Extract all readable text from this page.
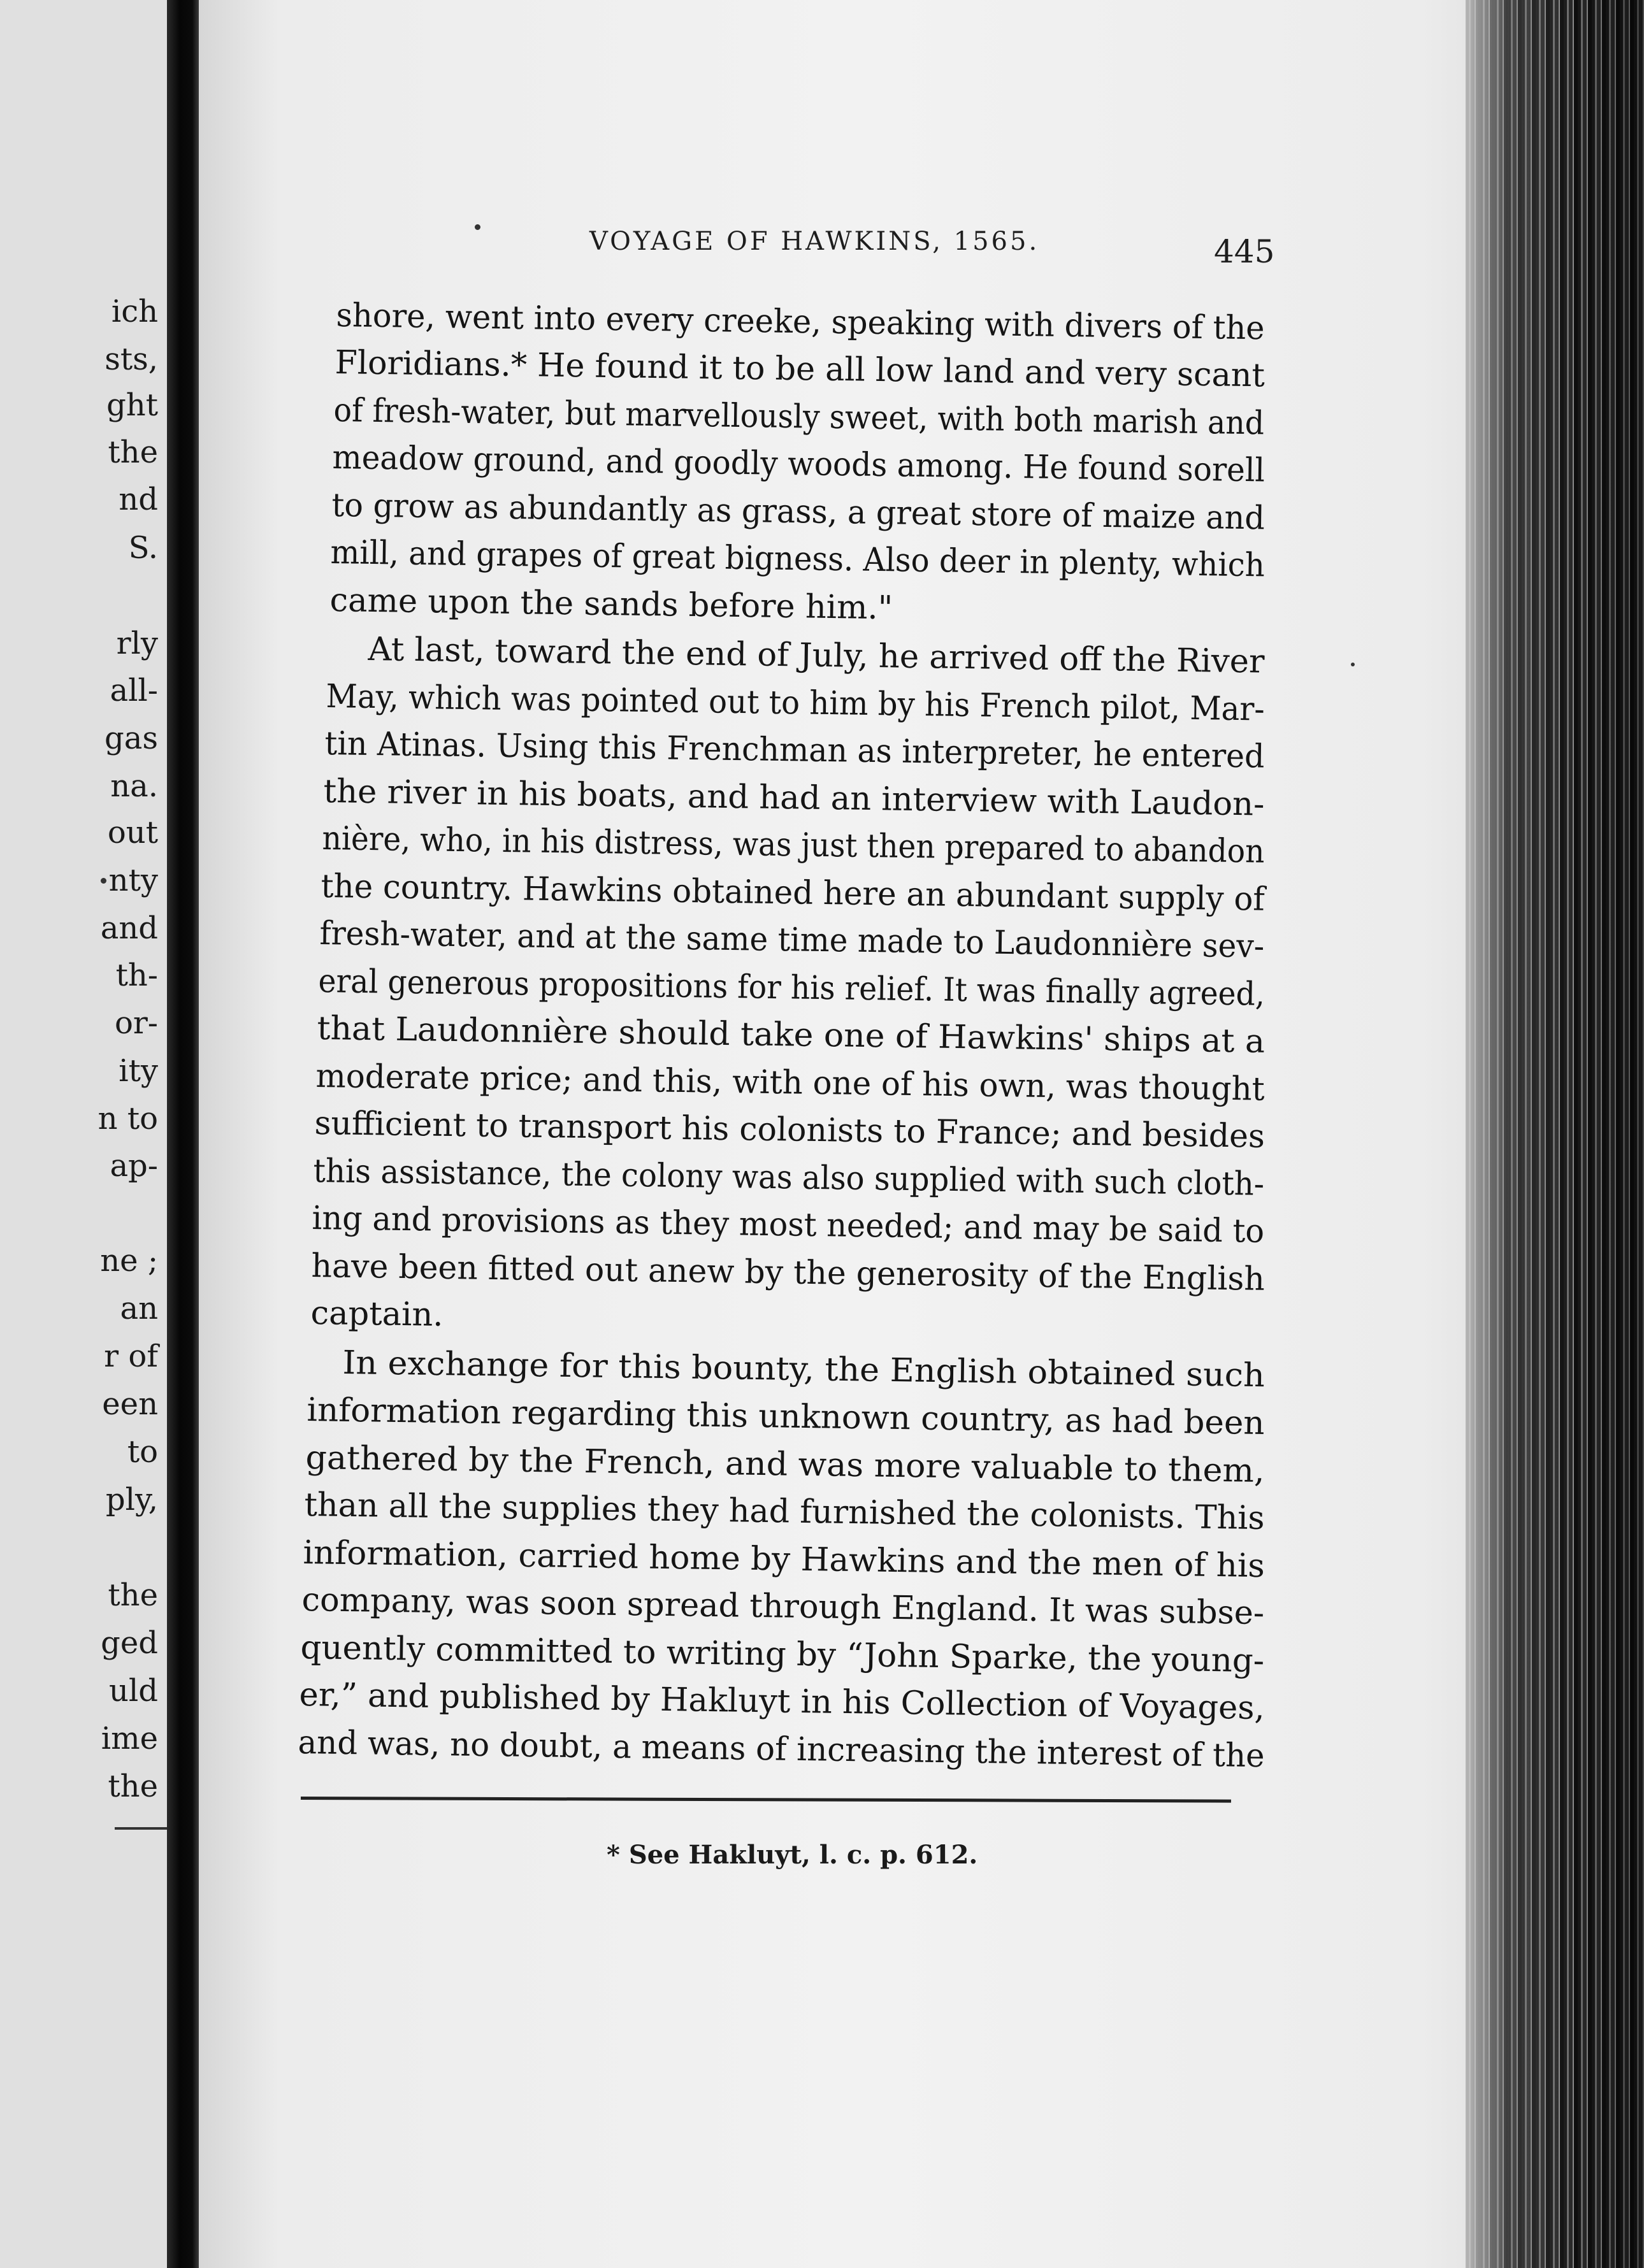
ich
sts,
ght
the
nd
S.
rly
all-
gas
na.
out
nty
and
th-
or-
ity
n to
ap-
ne ;
an
r of
een
to
ply,
the
ged
uld
ime
the
VOYAGE OF HAWKINS, 1565.	445
shore, went into every creeke, speaking with divers of the
Floridians.* He found it to be all low land and very scant
of fresh-water, but marvellously sweet, with both marish and
meadow ground, and goodly woods among. He found sorell
to grow as abundantly as grass, a great store of maize and
mill, and grapes of great bigness. Also deer in plenty, which
came upon the sands before him."
At last, toward the end of July, he arrived off the River
May, which was pointed out to him by his French pilot, Mar-
tin Atinas. Using this Frenchman as interpreter, he entered
the river in his boats, and had an interview with Laudon-
nière, who, in his distress, was just then prepared to abandon
the country. Hawkins obtained here an abundant supply of
fresh-water, and at the same time made to Laudonnière sev-
eral generous propositions for his relief. It was finally agreed,
that Laudonnière should take one of Hawkins' ships at a
moderate price; and this, with one of his own, was thought
sufficient to transport his colonists to France; and besides
this assistance, the colony was also supplied with such cloth-
ing and provisions as they most needed; and may be said to
have been fitted out anew by the generosity of the English
captain.
In exchange for this bounty, the English obtained such
information regarding this unknown country, as had been
gathered by the French, and was more valuable to them,
than all the supplies they had furnished the colonists. This
information, carried home by Hawkins and the men of his
company, was soon spread through England. It was subse-
quently committed to writing by “John Sparke, the young-
er,” and published by Hakluyt in his Collection of Voyages,
and was, no doubt, a means of increasing the interest of the
* See Hakluyt, l. c. p. 612.
